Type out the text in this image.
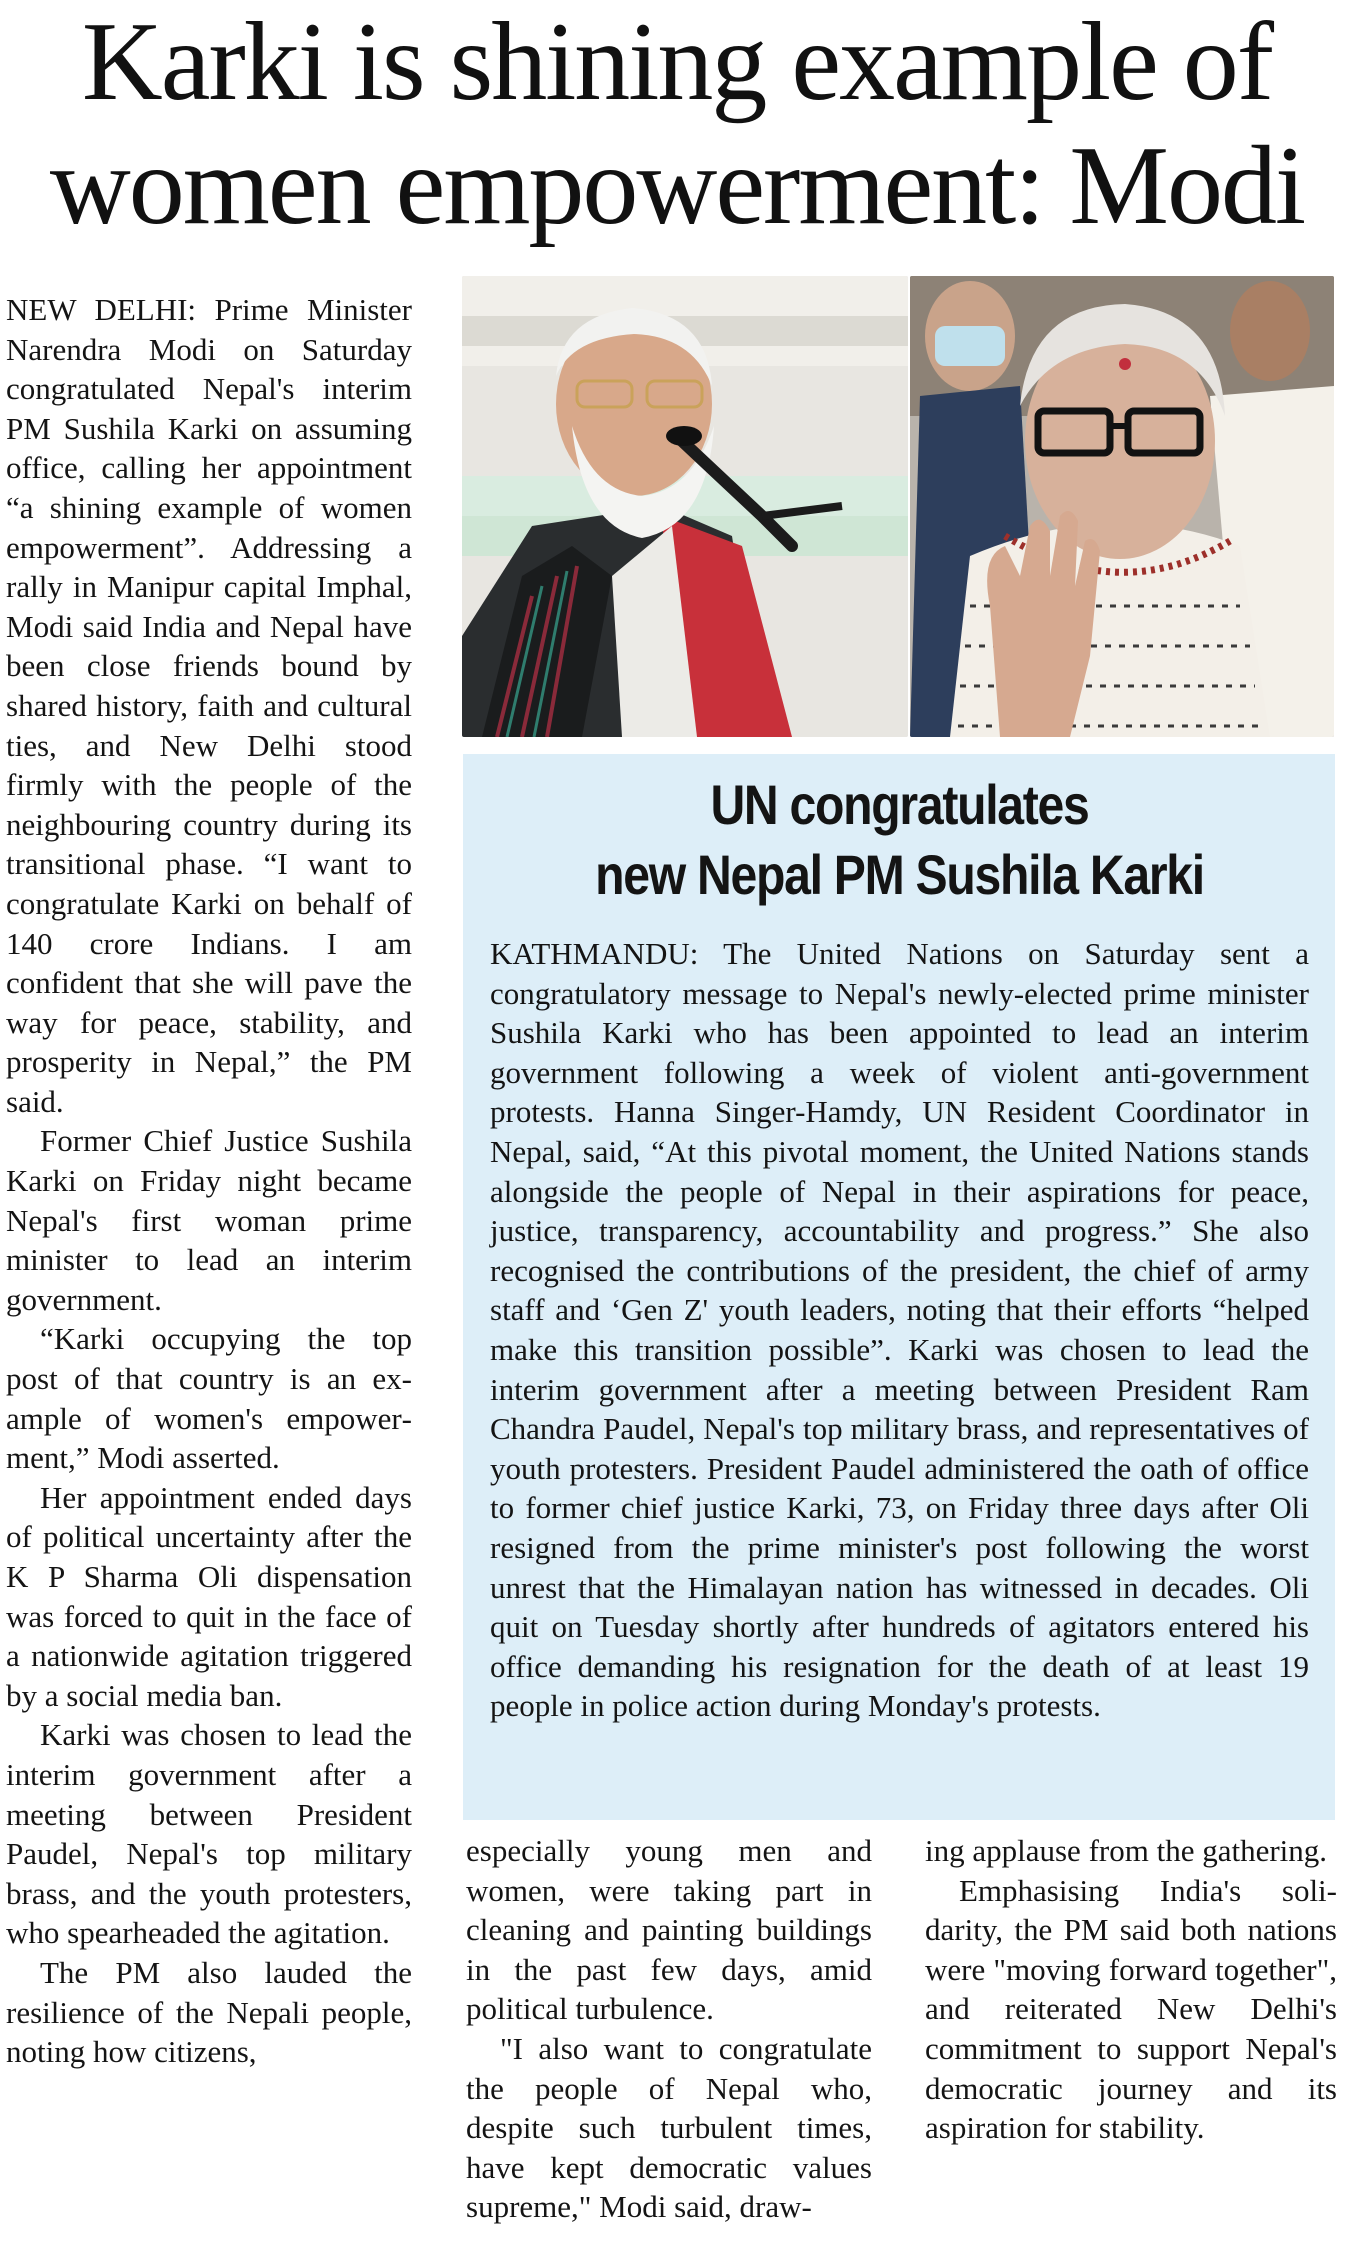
Karki is shining example of
women empowerment: Modi

NEW DELHI: Prime Minister Narendra Modi on Saturday congratulated Nepal's interim PM Sushila Karki on assuming office, calling her appointment “a shining example of women empowerment”. Addressing a rally in Manipur capital Imphal, Modi said India and Nepal have been close friends bound by shared history, faith and cultural ties, and New Delhi stood firmly with the people of the neighbouring country during its transitional phase. “I want to congratulate Karki on behalf of 140 crore Indians. I am confident that she will pave the way for peace, stability, and prosperity in Nepal,” the PM said.

Former Chief Justice Sushila Karki on Friday night became Nepal's first woman prime minister to lead an interim government.

“Karki occupying the top post of that country is an example of women's empowerment,” Modi asserted.

Her appointment ended days of political uncertainty after the K P Sharma Oli dispensation was forced to quit in the face of a nationwide agitation triggered by a social media ban.

Karki was chosen to lead the interim government after a meeting between President Paudel, Nepal's top military brass, and the youth protesters, who spearheaded the agitation.

The PM also lauded the resilience of the Nepali people, noting how citizens,

UN congratulates
new Nepal PM Sushila Karki

KATHMANDU: The United Nations on Saturday sent a congratulatory message to Nepal's newly-elected prime minister Sushila Karki who has been appointed to lead an interim government following a week of violent anti-government protests. Hanna Singer-Hamdy, UN Resident Coordinator in Nepal, said, “At this pivotal moment, the United Nations stands alongside the people of Nepal in their aspirations for peace, justice, transparency, accountability and progress.” She also recognised the contributions of the president, the chief of army staff and ‘Gen Z' youth leaders, noting that their efforts “helped make this transition possible”. Karki was chosen to lead the interim government after a meeting between President Ram Chandra Paudel, Nepal's top military brass, and representatives of youth protesters. President Paudel administered the oath of office to former chief justice Karki, 73, on Friday three days after Oli resigned from the prime minister's post following the worst unrest that the Himalayan nation has witnessed in decades. Oli quit on Tuesday shortly after hundreds of agitators entered his office demanding his resignation for the death of at least 19 people in police action during Monday's protests.

especially young men and women, were taking part in cleaning and painting buildings in the past few days, amid political turbulence.

"I also want to congratulate the people of Nepal who, despite such turbulent times, have kept democratic values supreme," Modi said, draw-

ing applause from the gathering.

Emphasising India's solidarity, the PM said both nations were "moving forward together", and reiterated New Delhi's commitment to support Nepal's democratic journey and its aspiration for stability.
